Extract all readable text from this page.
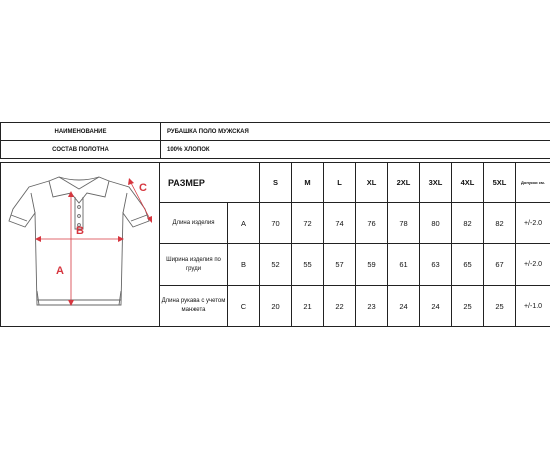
НАИМЕНОВАНИЕ	РУБАШКА ПОЛО МУЖСКАЯ
СОСТАВ ПОЛОТНА	100% ХЛОПОК
A
B
C РАЗМЕР		S	M	L	XL	2XL	3XL	4XL	5XL	Допуски см.
Длина изделия	A	70	72	74	76	78	80	82	82	+/-2.0
Ширина изделия по груди	B	52	55	57	59	61	63	65	67	+/-2.0
Длина рукава с учетом манжета	C	20	21	22	23	24	24	25	25	+/-1.0
